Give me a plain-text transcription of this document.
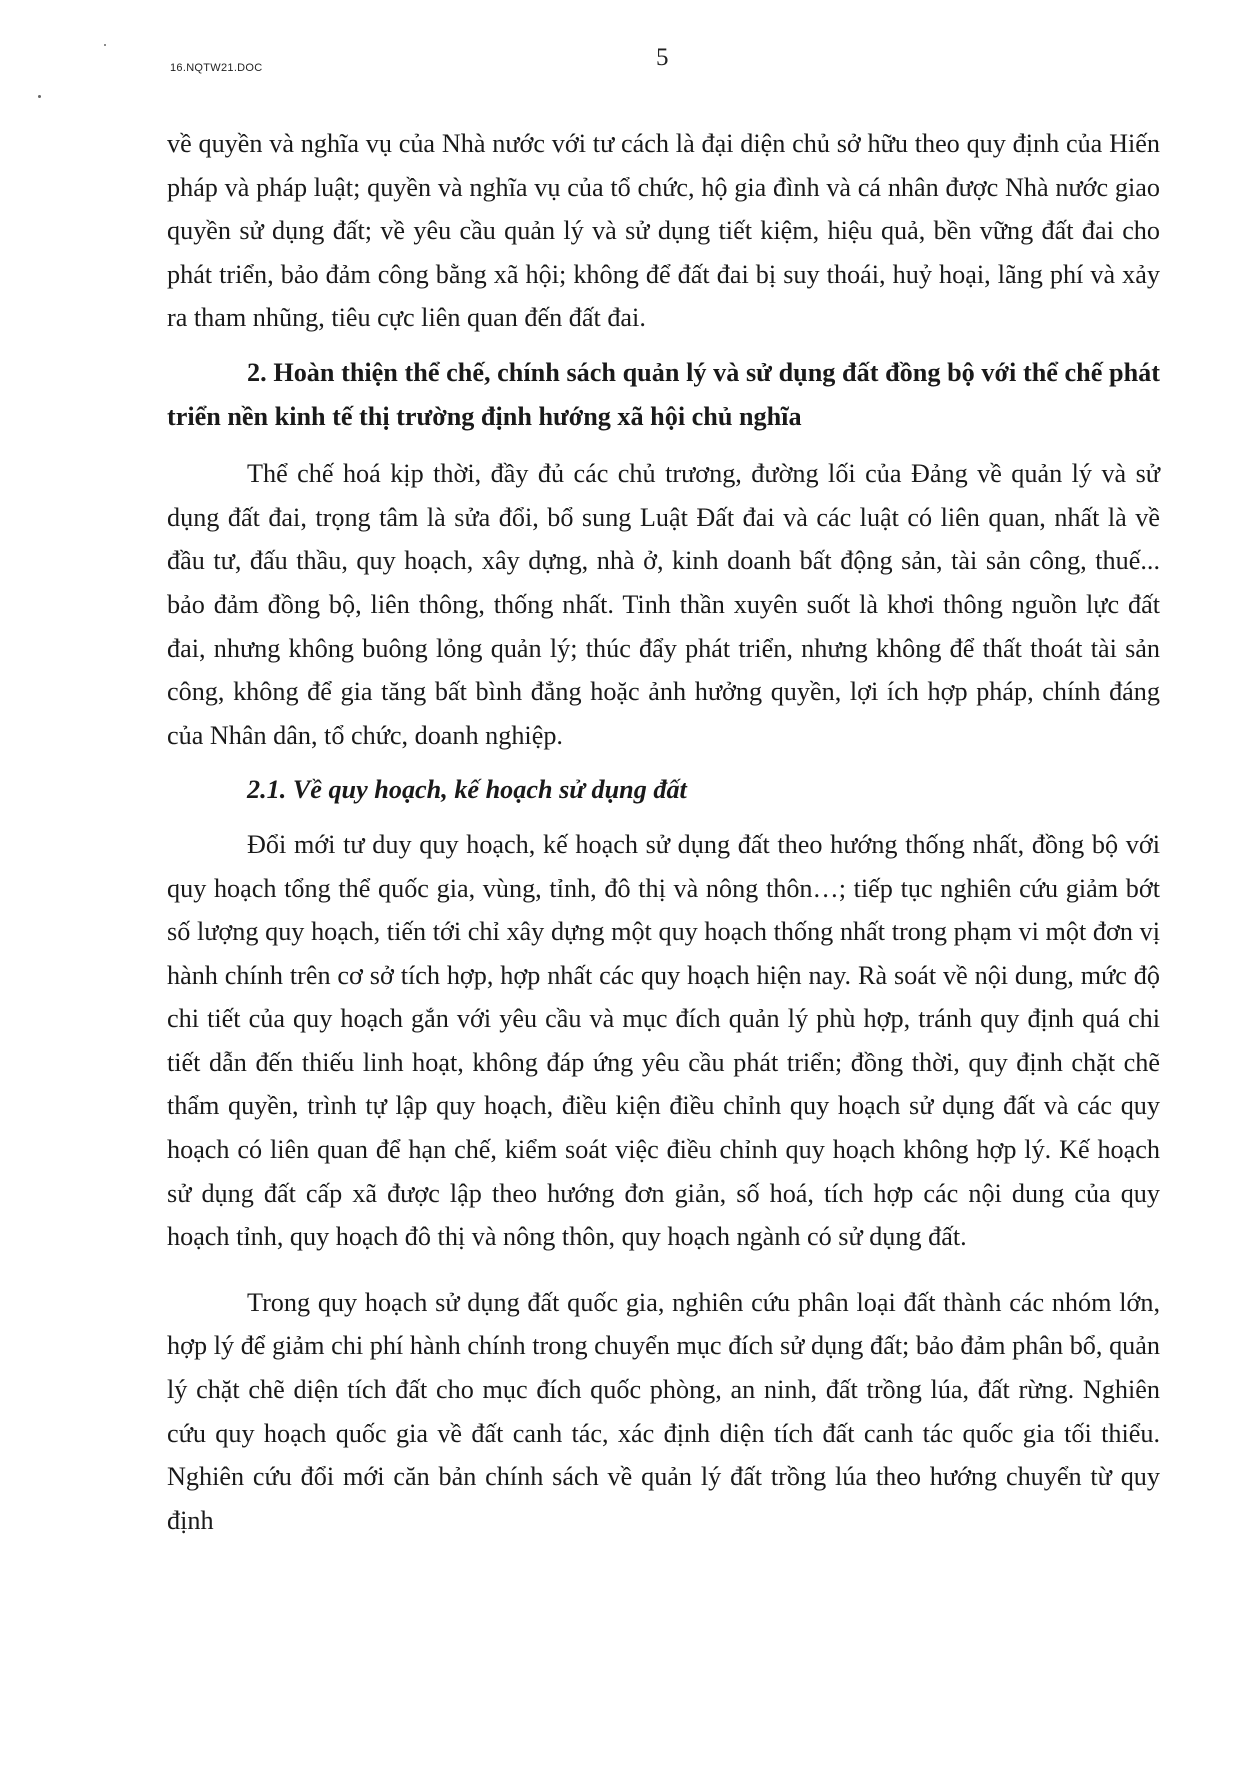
16.NQTW21.DOC	5

về quyền và nghĩa vụ của Nhà nước với tư cách là đại diện chủ sở hữu theo quy định của Hiến pháp và pháp luật; quyền và nghĩa vụ của tổ chức, hộ gia đình và cá nhân được Nhà nước giao quyền sử dụng đất; về yêu cầu quản lý và sử dụng tiết kiệm, hiệu quả, bền vững đất đai cho phát triển, bảo đảm công bằng xã hội; không để đất đai bị suy thoái, huỷ hoại, lãng phí và xảy ra tham nhũng, tiêu cực liên quan đến đất đai.

2. Hoàn thiện thể chế, chính sách quản lý và sử dụng đất đồng bộ với thể chế phát triển nền kinh tế thị trường định hướng xã hội chủ nghĩa

Thể chế hoá kịp thời, đầy đủ các chủ trương, đường lối của Đảng về quản lý và sử dụng đất đai, trọng tâm là sửa đổi, bổ sung Luật Đất đai và các luật có liên quan, nhất là về đầu tư, đấu thầu, quy hoạch, xây dựng, nhà ở, kinh doanh bất động sản, tài sản công, thuế... bảo đảm đồng bộ, liên thông, thống nhất. Tinh thần xuyên suốt là khơi thông nguồn lực đất đai, nhưng không buông lỏng quản lý; thúc đẩy phát triển, nhưng không để thất thoát tài sản công, không để gia tăng bất bình đẳng hoặc ảnh hưởng quyền, lợi ích hợp pháp, chính đáng của Nhân dân, tổ chức, doanh nghiệp.

2.1. Về quy hoạch, kế hoạch sử dụng đất

Đổi mới tư duy quy hoạch, kế hoạch sử dụng đất theo hướng thống nhất, đồng bộ với quy hoạch tổng thể quốc gia, vùng, tỉnh, đô thị và nông thôn…; tiếp tục nghiên cứu giảm bớt số lượng quy hoạch, tiến tới chỉ xây dựng một quy hoạch thống nhất trong phạm vi một đơn vị hành chính trên cơ sở tích hợp, hợp nhất các quy hoạch hiện nay. Rà soát về nội dung, mức độ chi tiết của quy hoạch gắn với yêu cầu và mục đích quản lý phù hợp, tránh quy định quá chi tiết dẫn đến thiếu linh hoạt, không đáp ứng yêu cầu phát triển; đồng thời, quy định chặt chẽ thẩm quyền, trình tự lập quy hoạch, điều kiện điều chỉnh quy hoạch sử dụng đất và các quy hoạch có liên quan để hạn chế, kiểm soát việc điều chỉnh quy hoạch không hợp lý. Kế hoạch sử dụng đất cấp xã được lập theo hướng đơn giản, số hoá, tích hợp các nội dung của quy hoạch tỉnh, quy hoạch đô thị và nông thôn, quy hoạch ngành có sử dụng đất.

Trong quy hoạch sử dụng đất quốc gia, nghiên cứu phân loại đất thành các nhóm lớn, hợp lý để giảm chi phí hành chính trong chuyển mục đích sử dụng đất; bảo đảm phân bổ, quản lý chặt chẽ diện tích đất cho mục đích quốc phòng, an ninh, đất trồng lúa, đất rừng. Nghiên cứu quy hoạch quốc gia về đất canh tác, xác định diện tích đất canh tác quốc gia tối thiểu. Nghiên cứu đổi mới căn bản chính sách về quản lý đất trồng lúa theo hướng chuyển từ quy định
